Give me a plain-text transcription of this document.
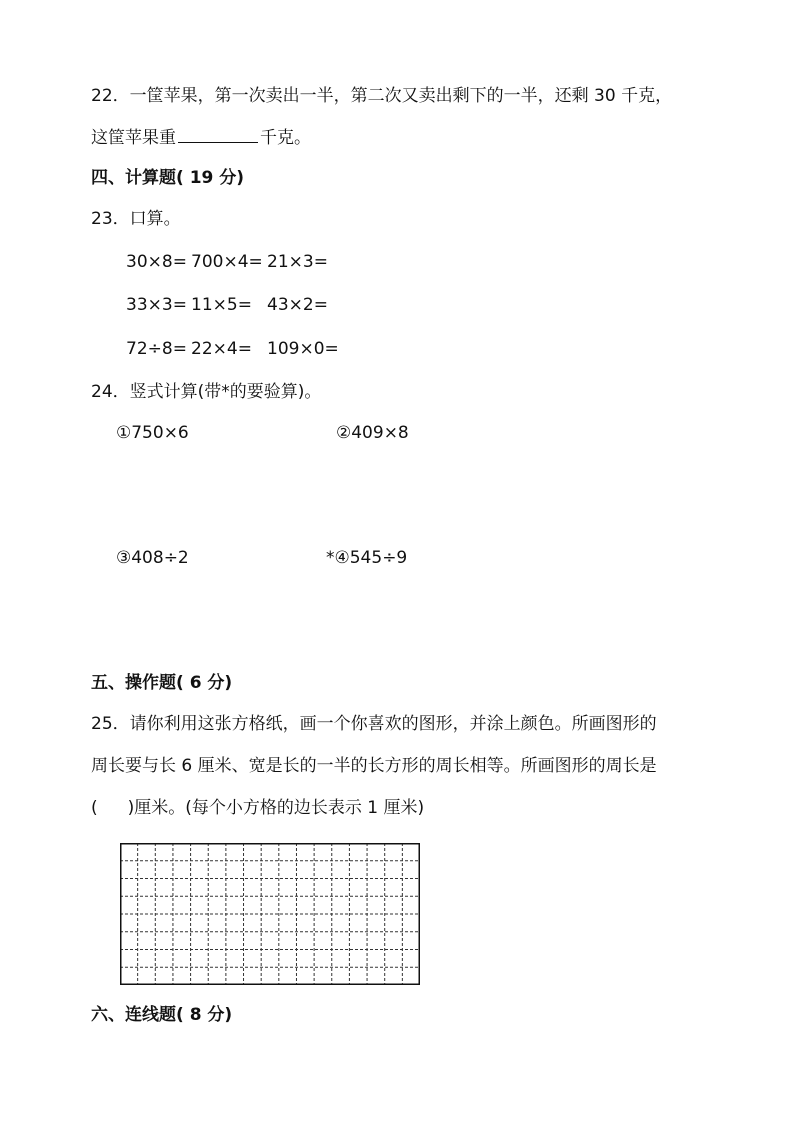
22．一筐苹果，第一次卖出一半，第二次又卖出剩下的一半，还剩 30 千克，
这筐苹果重	千克。
四、计算题( 19 分)
23．口算。
30×8= 700×4= 21×3=
33×3= 11×5= 43×2=
72÷8= 22×4= 109×0=
24．竖式计算(带*的要验算)。
①750×6	②409×8
③408÷2	*④545÷9
五、操作题( 6 分)
25．请你利用这张方格纸，画一个你喜欢的图形，并涂上颜色。所画图形的
周长要与长 6 厘米、宽是长的一半的长方形的周长相等。所画图形的周长是
( )厘米。(每个小方格的边长表示 1 厘米)
六、连线题( 8 分)
